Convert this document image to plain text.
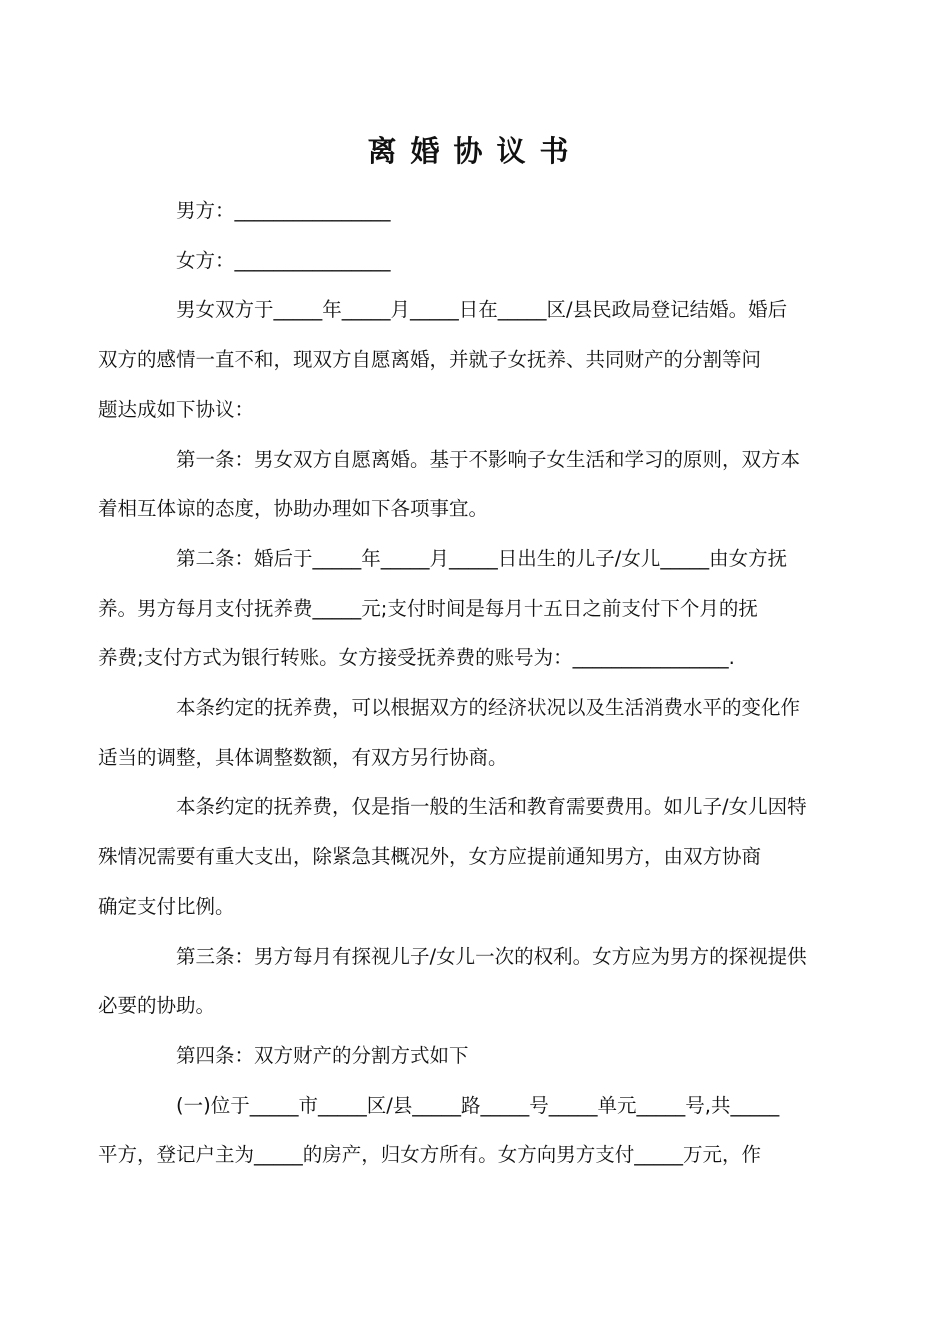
离婚协议书

男方：________________

女方：________________

男女双方于_____年_____月_____日在_____区/县民政局登记结婚。婚后
双方的感情一直不和，现双方自愿离婚，并就子女抚养、共同财产的分割等问
题达成如下协议：

第一条：男女双方自愿离婚。基于不影响子女生活和学习的原则，双方本
着相互体谅的态度，协助办理如下各项事宜。

第二条：婚后于_____年_____月_____日出生的儿子/女儿_____由女方抚
养。男方每月支付抚养费_____元;支付时间是每月十五日之前支付下个月的抚
养费;支付方式为银行转账。女方接受抚养费的账号为：________________.

本条约定的抚养费，可以根据双方的经济状况以及生活消费水平的变化作
适当的调整，具体调整数额，有双方另行协商。

本条约定的抚养费，仅是指一般的生活和教育需要费用。如儿子/女儿因特
殊情况需要有重大支出，除紧急其概况外，女方应提前通知男方，由双方协商
确定支付比例。

第三条：男方每月有探视儿子/女儿一次的权利。女方应为男方的探视提供
必要的协助。

第四条：双方财产的分割方式如下

(一)位于_____市_____区/县_____路_____号_____单元_____号,共_____
平方，登记户主为_____的房产，归女方所有。女方向男方支付_____万元，作
